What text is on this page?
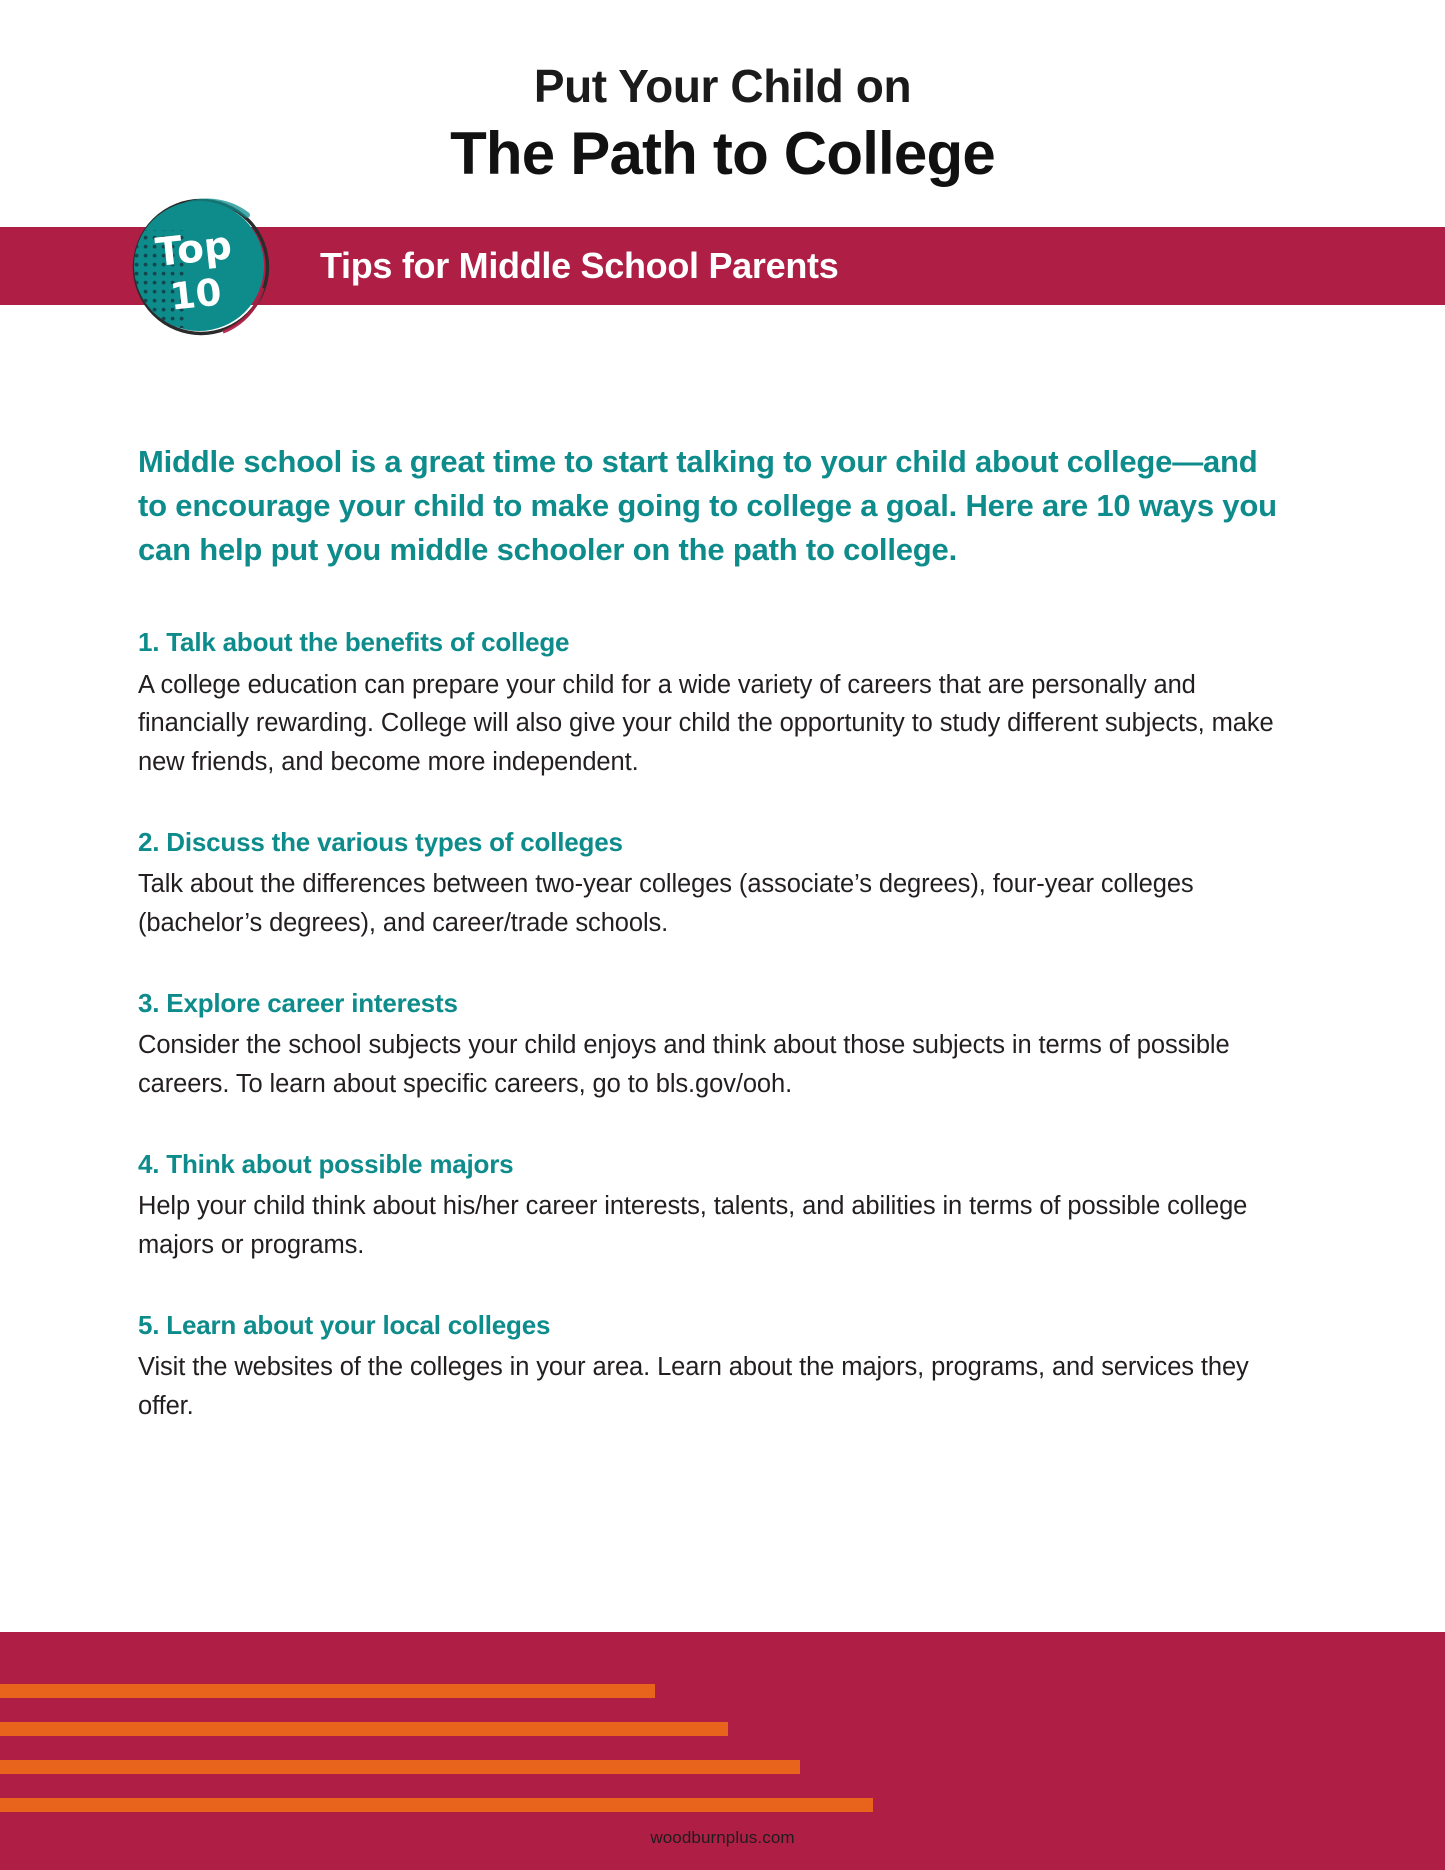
Put Your Child on
The Path to College
Tips for Middle School Parents
Top
10

Middle school is a great time to start talking to your child about college—and to encourage your child to make going to college a goal. Here are 10 ways you can help put you middle schooler on the path to college.

1. Talk about the benefits of college

A college education can prepare your child for a wide variety of careers that are personally and financially rewarding. College will also give your child the opportunity to study different subjects, make new friends, and become more independent.

2. Discuss the various types of colleges

Talk about the differences between two-year colleges (associate’s degrees), four-year colleges (bachelor’s degrees), and career/trade schools.

3. Explore career interests

Consider the school subjects your child enjoys and think about those subjects in terms of possible careers. To learn about specific careers, go to bls.gov/ooh.

4. Think about possible majors

Help your child think about his/her career interests, talents, and abilities in terms of possible college majors or programs.

5. Learn about your local colleges

Visit the websites of the colleges in your area. Learn about the majors, programs, and services they offer.

woodburnplus.com
